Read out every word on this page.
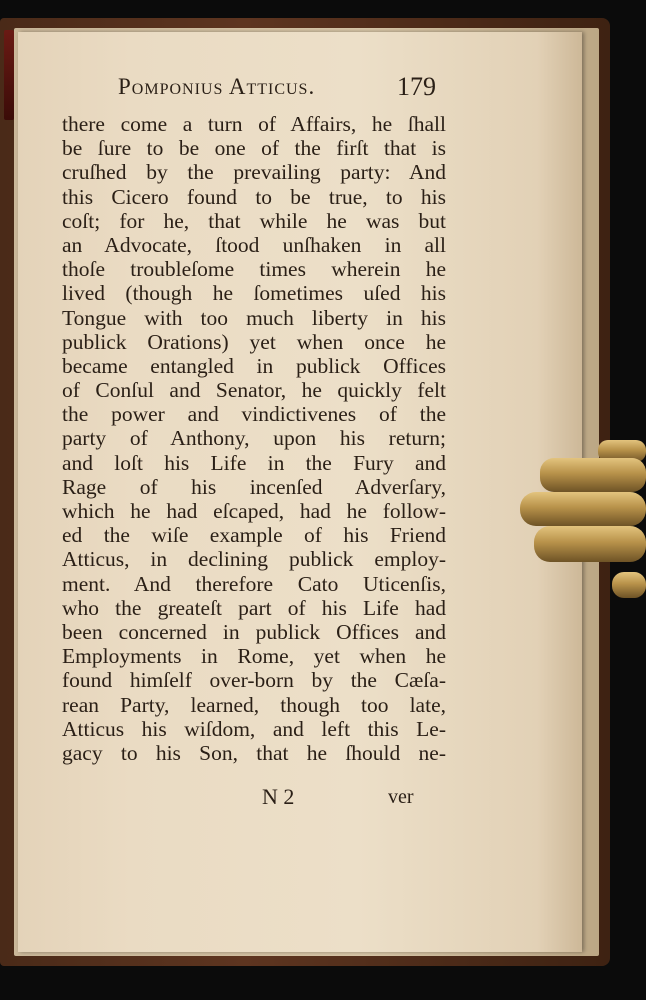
Pomponius Atticus.	179
there come a turn of Affairs, he ſhall
be ſure to be one of the firſt that is
cruſhed by the prevailing party: And
this Cicero found to be true, to his
coſt; for he, that while he was but
an Advocate, ſtood unſhaken in all
thoſe troubleſome times wherein he
lived (though he ſometimes uſed his
Tongue with too much liberty in his
publick Orations) yet when once he
became entangled in publick Offices
of Conſul and Senator, he quickly felt
the power and vindictivenes of the
party of Anthony, upon his return;
and loſt his Life in the Fury and
Rage of his incenſed Adverſary,
which he had eſcaped, had he follow-
ed the wiſe example of his Friend
Atticus, in declining publick employ-
ment. And therefore Cato Uticenſis,
who the greateſt part of his Life had
been concerned in publick Offices and
Employments in Rome, yet when he
found himſelf over-born by the Cæſa-
rean Party, learned, though too late,
Atticus his wiſdom, and left this Le-
gacy to his Son, that he ſhould ne-
N 2	ver
